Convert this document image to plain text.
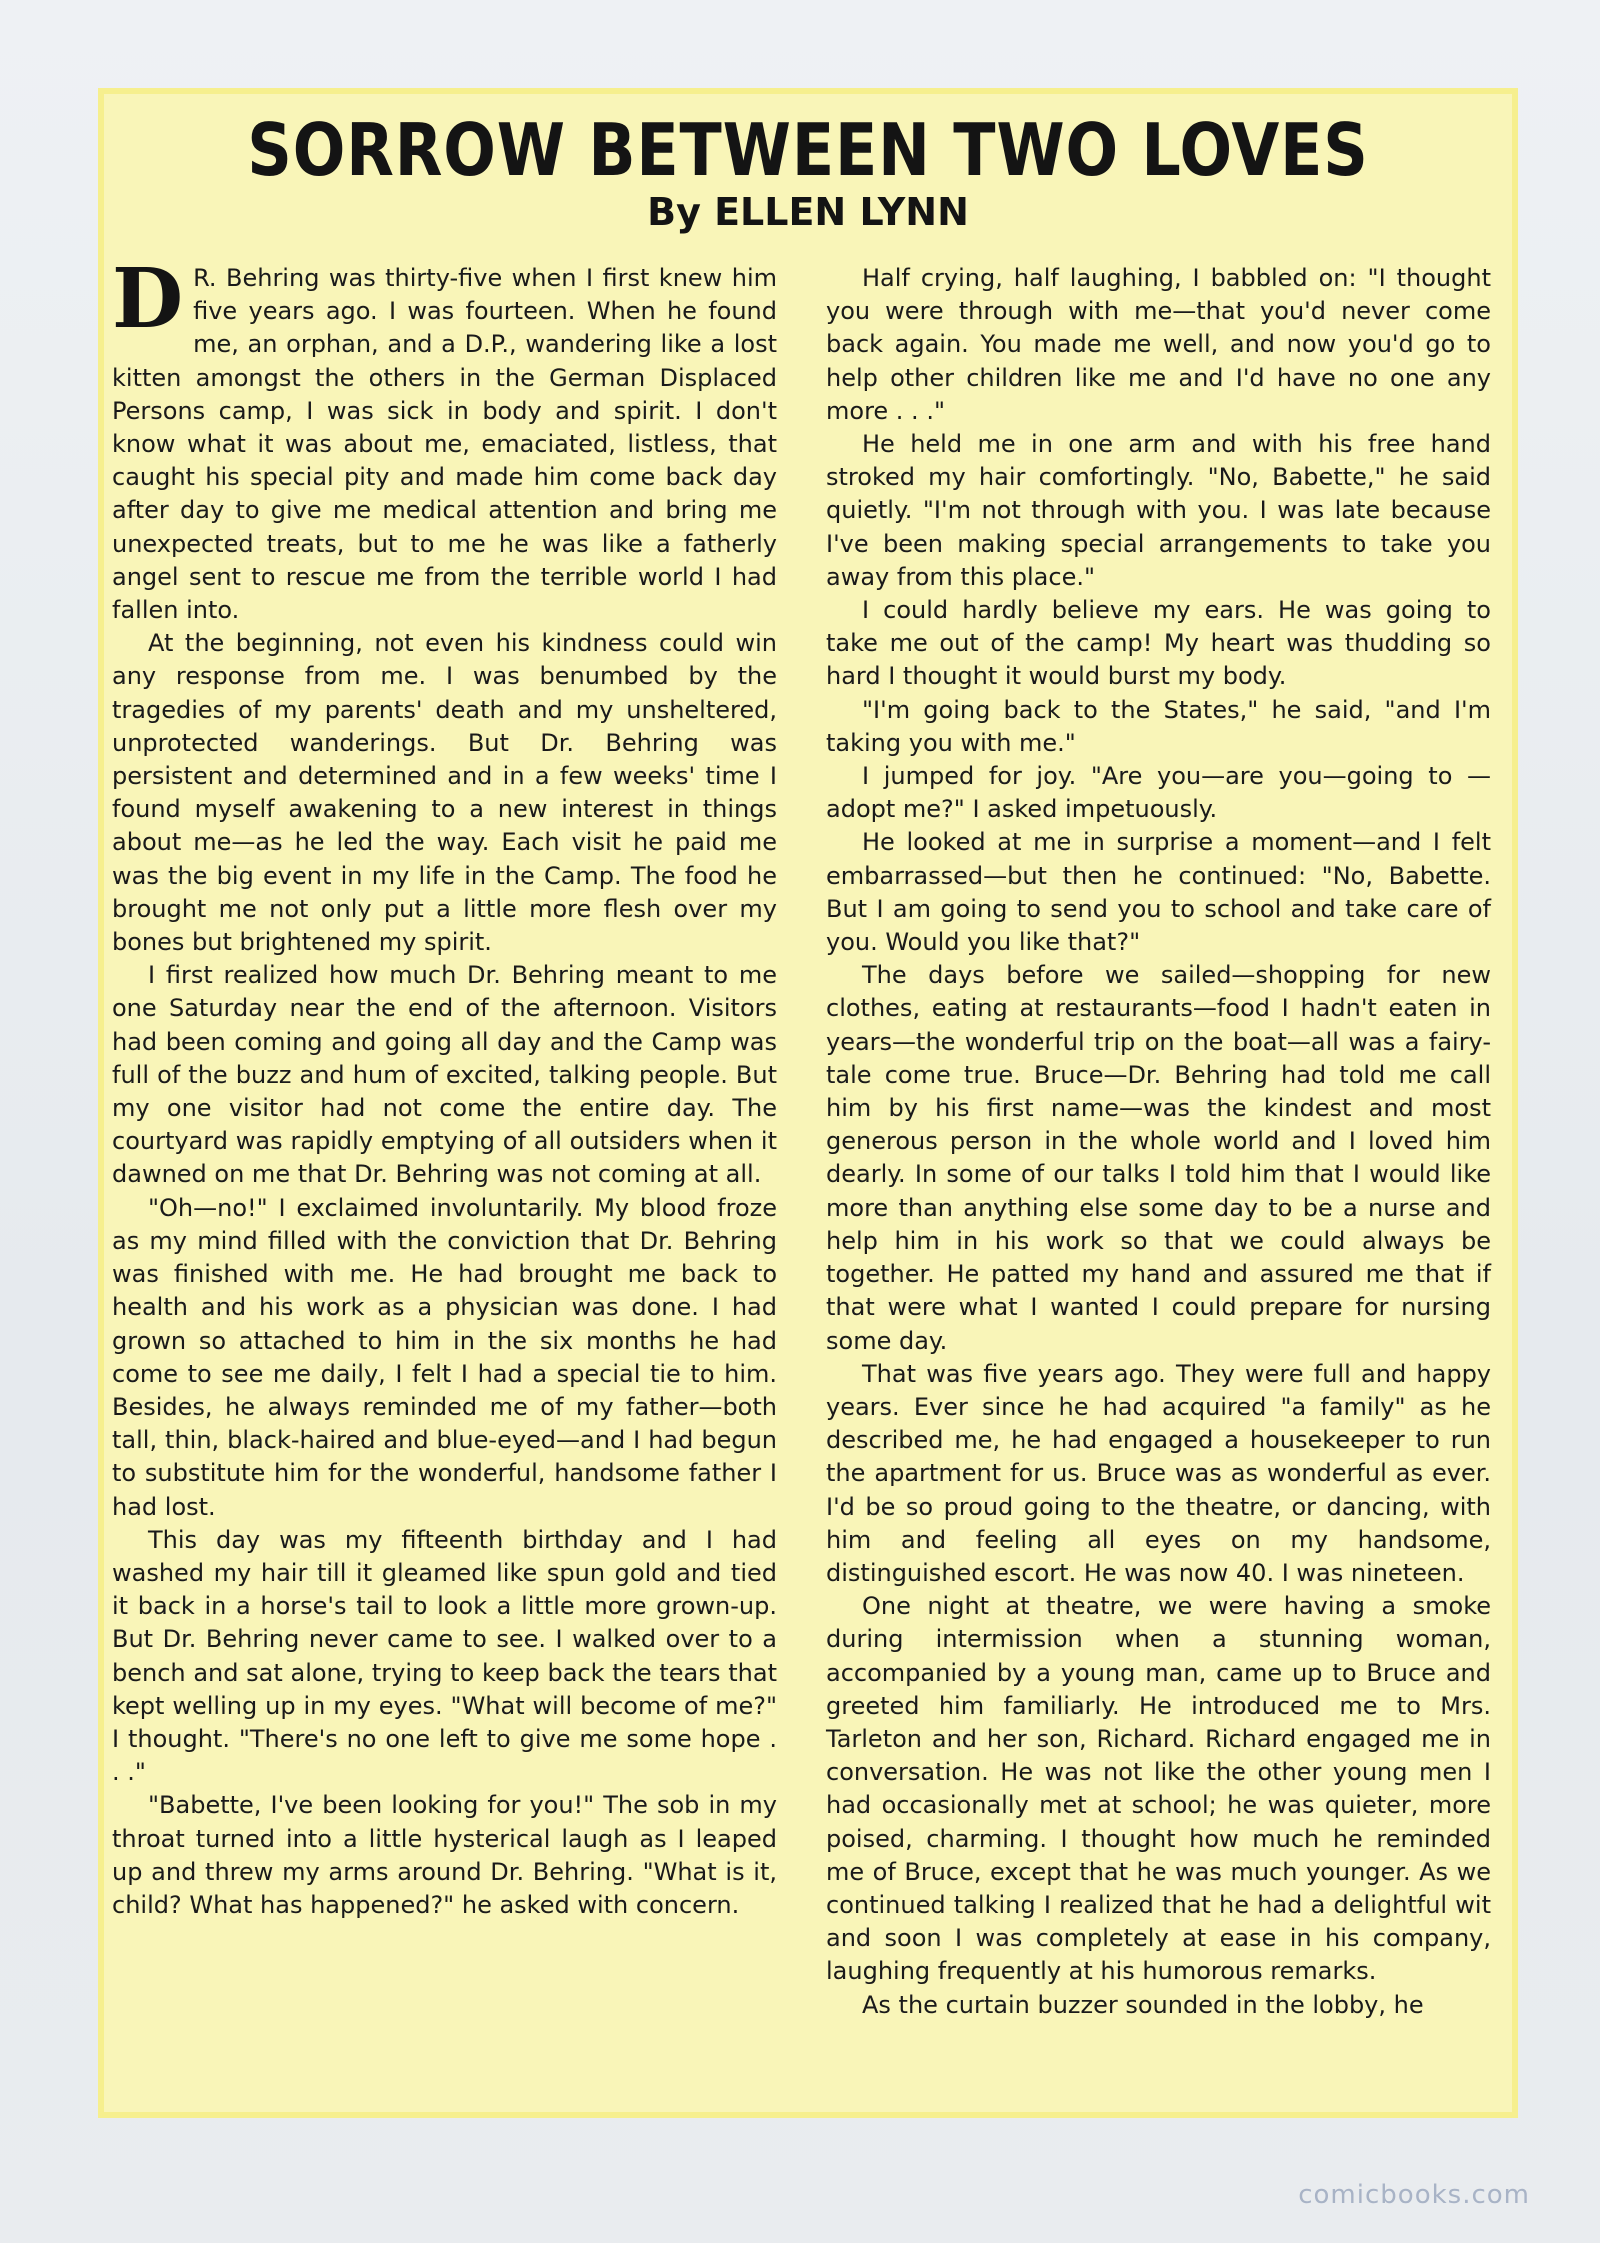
SORROW BETWEEN TWO LOVES
By ELLEN LYNN

D R. Behring was thirty-five when I first knew him five years ago. I was fourteen. When he found me, an orphan, and a D.P., wandering like a lost kitten amongst the others in the German Displaced Persons camp, I was sick in body and spirit. I don't know what it was about me, emaciated, listless, that caught his special pity and made him come back day after day to give me medical attention and bring me unexpected treats, but to me he was like a fatherly angel sent to rescue me from the terrible world I had fallen into.

At the beginning, not even his kindness could win any response from me. I was benumbed by the tragedies of my parents' death and my unsheltered, unprotected wanderings. But Dr. Behring was persistent and determined and in a few weeks' time I found myself awakening to a new interest in things about me—as he led the way. Each visit he paid me was the big event in my life in the Camp. The food he brought me not only put a little more flesh over my bones but brightened my spirit.

I first realized how much Dr. Behring meant to me one Saturday near the end of the afternoon. Visitors had been coming and going all day and the Camp was full of the buzz and hum of excited, talking people. But my one visitor had not come the entire day. The courtyard was rapidly emptying of all outsiders when it dawned on me that Dr. Behring was not coming at all.

"Oh—no!" I exclaimed involuntarily. My blood froze as my mind filled with the conviction that Dr. Behring was finished with me. He had brought me back to health and his work as a physician was done. I had grown so attached to him in the six months he had come to see me daily, I felt I had a special tie to him. Besides, he always reminded me of my father—both tall, thin, black-haired and blue-eyed—and I had begun to substitute him for the wonderful, handsome father I had lost.

This day was my fifteenth birthday and I had washed my hair till it gleamed like spun gold and tied it back in a horse's tail to look a little more grown-up. But Dr. Behring never came to see. I walked over to a bench and sat alone, trying to keep back the tears that kept welling up in my eyes. "What will become of me?" I thought. "There's no one left to give me some hope . . ."

"Babette, I've been looking for you!" The sob in my throat turned into a little hysterical laugh as I leaped up and threw my arms around Dr. Behring. "What is it, child? What has happened?" he asked with concern.

Half crying, half laughing, I babbled on: "I thought you were through with me—that you'd never come back again. You made me well, and now you'd go to help other children like me and I'd have no one any more . . ."

He held me in one arm and with his free hand stroked my hair comfortingly. "No, Babette," he said quietly. "I'm not through with you. I was late because I've been making special arrangements to take you away from this place."

I could hardly believe my ears. He was going to take me out of the camp! My heart was thudding so hard I thought it would burst my body.

"I'm going back to the States," he said, "and I'm taking you with me."

I jumped for joy. "Are you—are you—going to —adopt me?" I asked impetuously.

He looked at me in surprise a moment—and I felt embarrassed—but then he continued: "No, Babette. But I am going to send you to school and take care of you. Would you like that?"

The days before we sailed—shopping for new clothes, eating at restaurants—food I hadn't eaten in years—the wonderful trip on the boat—all was a fairy-tale come true. Bruce—Dr. Behring had told me call him by his first name—was the kindest and most generous person in the whole world and I loved him dearly. In some of our talks I told him that I would like more than anything else some day to be a nurse and help him in his work so that we could always be together. He patted my hand and assured me that if that were what I wanted I could prepare for nursing some day.

That was five years ago. They were full and happy years. Ever since he had acquired "a family" as he described me, he had engaged a housekeeper to run the apartment for us. Bruce was as wonderful as ever. I'd be so proud going to the theatre, or dancing, with him and feeling all eyes on my handsome, distinguished escort. He was now 40. I was nineteen.

One night at theatre, we were having a smoke during intermission when a stunning woman, accompanied by a young man, came up to Bruce and greeted him familiarly. He introduced me to Mrs. Tarleton and her son, Richard. Richard engaged me in conversation. He was not like the other young men I had occasionally met at school; he was quieter, more poised, charming. I thought how much he reminded me of Bruce, except that he was much younger. As we continued talking I realized that he had a delightful wit and soon I was completely at ease in his company, laughing frequently at his humorous remarks.

As the curtain buzzer sounded in the lobby, he

comicbooks.com
